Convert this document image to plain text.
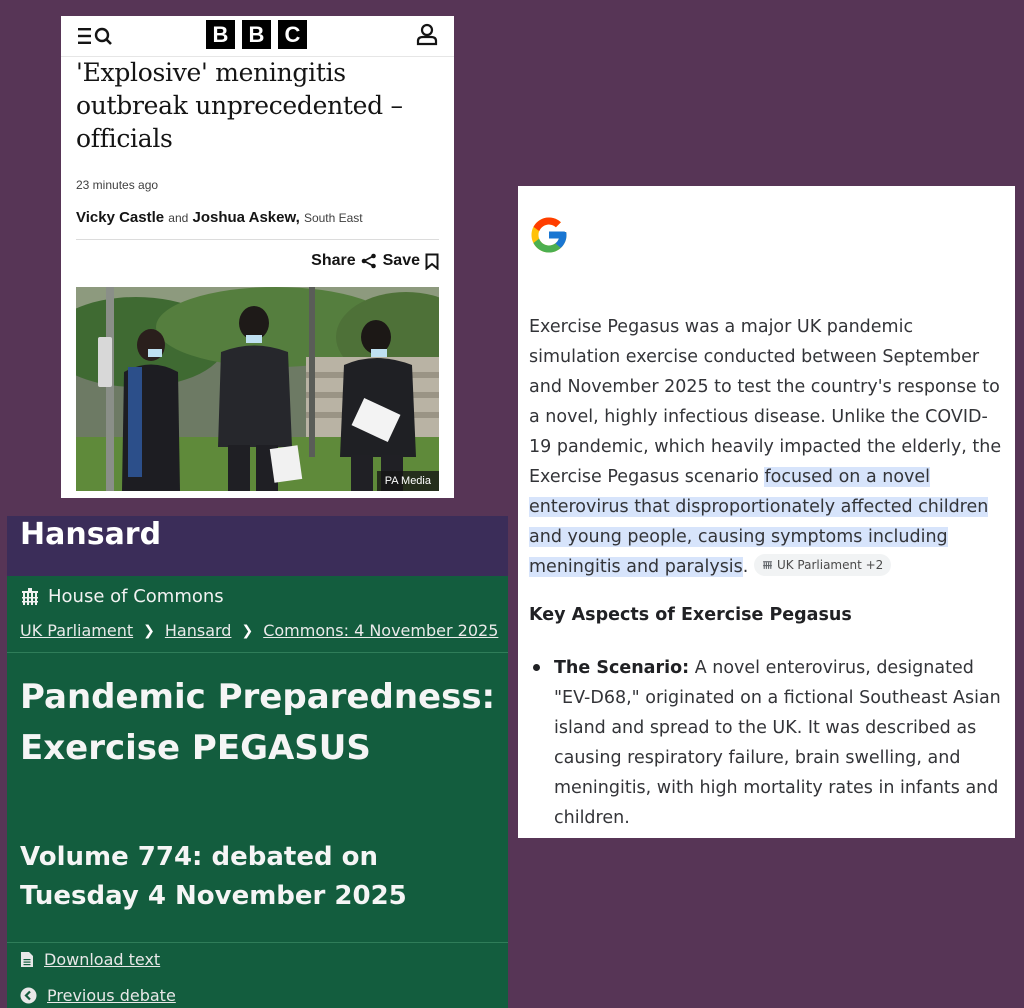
B B C
'Explosive' meningitis outbreak unprecedented – officials
23 minutes ago
Vicky Castle and Joshua Askew, South East
Share Save
PA Media
Hansard
House of Commons
UK Parliament ❯ Hansard ❯ Commons: 4 November 2025
Pandemic Preparedness: Exercise PEGASUS
Volume 774: debated on Tuesday 4 November 2025
Download text
Previous debate

Exercise Pegasus was a major UK pandemic simulation exercise conducted between September and November 2025 to test the country's response to a novel, highly infectious disease. Unlike the COVID-19 pandemic, which heavily impacted the elderly, the Exercise Pegasus scenario focused on a novel enterovirus that disproportionately affected children and young people, causing symptoms including meningitis and paralysis. UK Parliament +2

Key Aspects of Exercise Pegasus
The Scenario: A novel enterovirus, designated "EV-D68," originated on a fictional Southeast Asian island and spread to the UK. It was described as causing respiratory failure, brain swelling, and meningitis, with high mortality rates in infants and children.
